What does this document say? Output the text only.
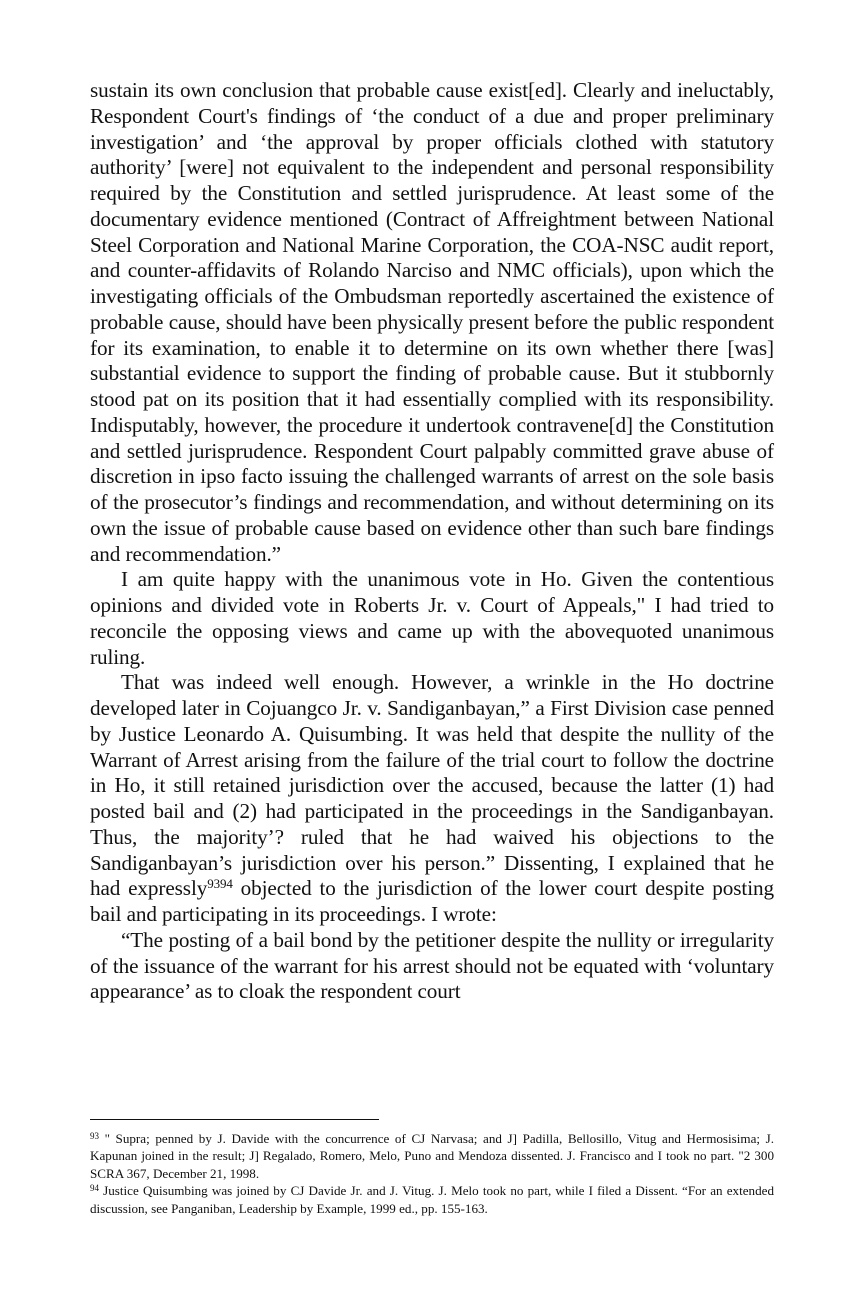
sustain its own conclusion that probable cause exist[ed]. Clearly and ineluctably, Respondent Court's findings of ‘the conduct of a due and proper preliminary investigation’ and ‘the approval by proper officials clothed with statutory authority’ [were] not equivalent to the independent and personal responsibility required by the Constitution and settled jurisprudence. At least some of the documentary evidence mentioned (Contract of Affreightment between National Steel Corporation and National Marine Corporation, the COA-NSC audit report, and counter-affidavits of Rolando Narciso and NMC officials), upon which the investigating officials of the Ombudsman reportedly ascertained the existence of probable cause, should have been physically present before the public respondent for its examination, to enable it to determine on its own whether there [was] substantial evidence to support the finding of probable cause. But it stubbornly stood pat on its position that it had essentially complied with its responsibility. Indisputably, however, the procedure it undertook contravene[d] the Constitution and settled jurisprudence. Respondent Court palpably committed grave abuse of discretion in ipso facto issuing the challenged warrants of arrest on the sole basis of the prosecutor’s findings and recommendation, and without determining on its own the issue of probable cause based on evidence other than such bare findings and recommendation.”

I am quite happy with the unanimous vote in Ho. Given the contentious opinions and divided vote in Roberts Jr. v. Court of Appeals," I had tried to reconcile the opposing views and came up with the abovequoted unanimous ruling.

That was indeed well enough. However, a wrinkle in the Ho doctrine developed later in Cojuangco Jr. v. Sandiganbayan,” a First Division case penned by Justice Leonardo A. Quisumbing. It was held that despite the nullity of the Warrant of Arrest arising from the failure of the trial court to follow the doctrine in Ho, it still retained jurisdiction over the accused, because the latter (1) had posted bail and (2) had participated in the proceedings in the Sandiganbayan. Thus, the majority’? ruled that he had waived his objections to the Sandiganbayan’s jurisdiction over his person.” Dissenting, I explained that he had expressly$^{9394}$ objected to the jurisdiction of the lower court despite posting bail and participating in its proceedings. I wrote:

“The posting of a bail bond by the petitioner despite the nullity or irregularity of the issuance of the warrant for his arrest should not be equated with ‘voluntary appearance’ as to cloak the respondent court

$^{93}$ " Supra; penned by J. Davide with the concurrence of CJ Narvasa; and J] Padilla, Bellosillo, Vitug and Hermosisima; J. Kapunan joined in the result; J] Regalado, Romero, Melo, Puno and Mendoza dissented. J. Francisco and I took no part. "2 300 SCRA 367, December 21, 1998.

$^{94}$ Justice Quisumbing was joined by CJ Davide Jr. and J. Vitug. J. Melo took no part, while I filed a Dissent. “For an extended discussion, see Panganiban, Leadership by Example, 1999 ed., pp. 155-163.
